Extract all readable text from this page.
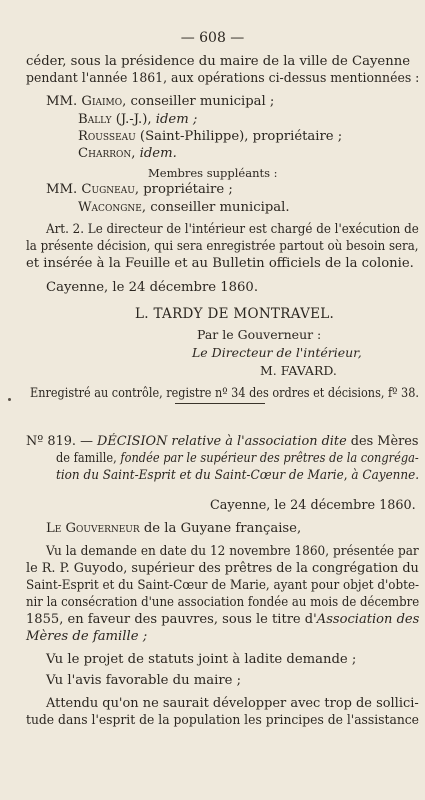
— 608 —
céder, sous la présidence du maire de la ville de Cayenne
pendant l'année 1861, aux opérations ci-dessus mentionnées :
MM. Giaimo, conseiller municipal ;
Bally (J.-J.), idem ;
Rousseau (Saint-Philippe), propriétaire ;
Charron, idem.
Membres suppléants :
MM. Cugneau, propriétaire ;
Wacongne, conseiller municipal.
Art. 2. Le directeur de l'intérieur est chargé de l'exécution de
la présente décision, qui sera enregistrée partout où besoin sera,
et insérée à la Feuille et au Bulletin officiels de la colonie.
Cayenne, le 24 décembre 1860.
L. TARDY DE MONTRAVEL.
Par le Gouverneur :
Le Directeur de l'intérieur,
M. FAVARD.
Enregistré au contrôle, registre nº 34 des ordres et décisions, fº 38.
Nº 819. — DÉCISION relative à l'association dite des Mères
de famille, fondée par le supérieur des prêtres de la congréga-
tion du Saint-Esprit et du Saint-Cœur de Marie, à Cayenne.
Cayenne, le 24 décembre 1860.
Le Gouverneur de la Guyane française,
Vu la demande en date du 12 novembre 1860, présentée par
le R. P. Guyodo, supérieur des prêtres de la congrégation du
Saint-Esprit et du Saint-Cœur de Marie, ayant pour objet d'obte-
nir la consécration d'une association fondée au mois de décembre
1855, en faveur des pauvres, sous le titre d'Association des
Mères de famille ;
Vu le projet de statuts joint à ladite demande ;
Vu l'avis favorable du maire ;
Attendu qu'on ne saurait développer avec trop de sollici-
tude dans l'esprit de la population les principes de l'assistance
